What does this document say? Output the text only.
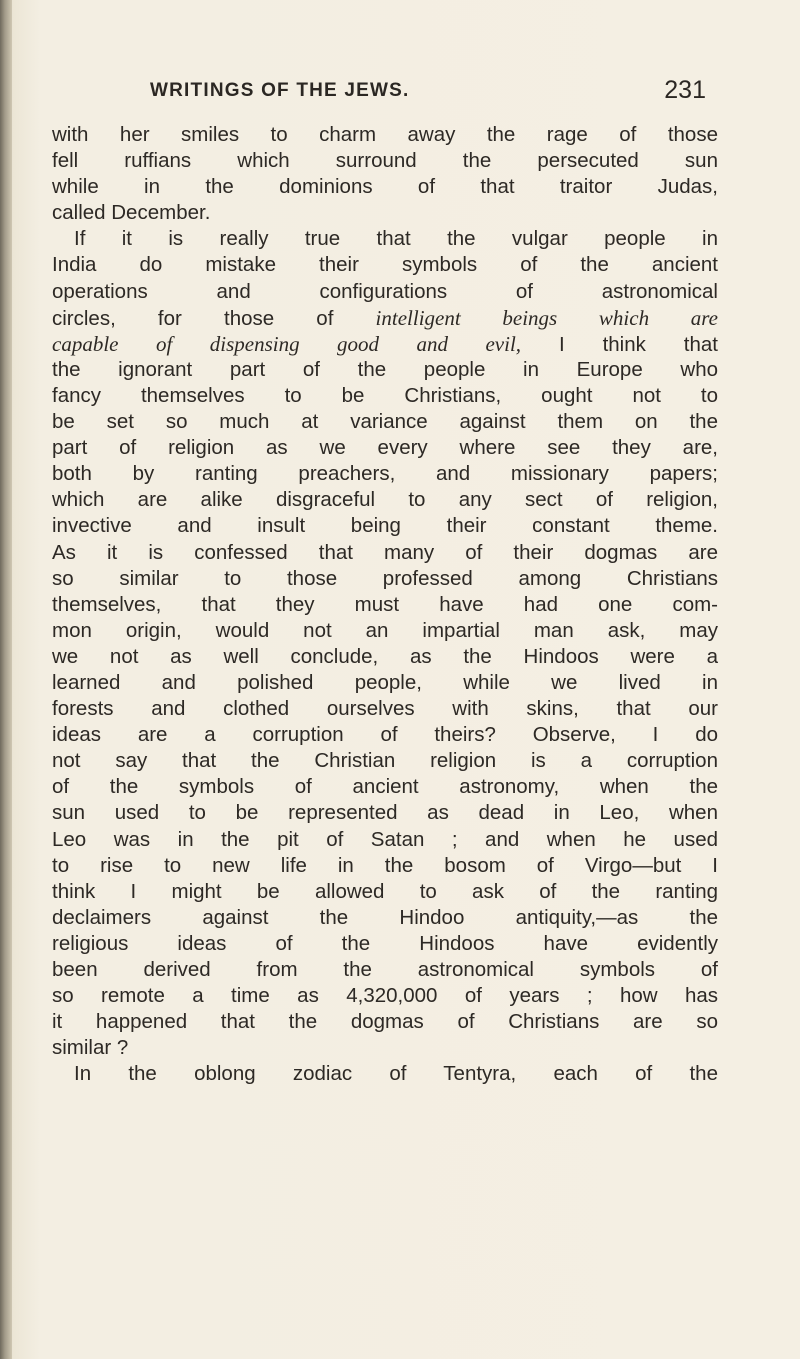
WRITINGS OF THE JEWS.	231
with her smiles to charm away the rage of those
fell ruffians which surround the persecuted sun
while in the dominions of that traitor Judas,
called December.
If it is really true that the vulgar people in
India do mistake their symbols of the ancient
operations and configurations of astronomical
circles, for those of intelligent beings which are
capable of dispensing good and evil, I think that
the ignorant part of the people in Europe who
fancy themselves to be Christians, ought not to
be set so much at variance against them on the
part of religion as we every where see they are,
both by ranting preachers, and missionary papers;
which are alike disgraceful to any sect of religion,
invective and insult being their constant theme.
As it is confessed that many of their dogmas are
so similar to those professed among Christians
themselves, that they must have had one com-
mon origin, would not an impartial man ask, may
we not as well conclude, as the Hindoos were a
learned and polished people, while we lived in
forests and clothed ourselves with skins, that our
ideas are a corruption of theirs? Observe, I do
not say that the Christian religion is a corruption
of the symbols of ancient astronomy, when the
sun used to be represented as dead in Leo, when
Leo was in the pit of Satan ; and when he used
to rise to new life in the bosom of Virgo—but I
think I might be allowed to ask of the ranting
declaimers against the Hindoo antiquity,—as the
religious ideas of the Hindoos have evidently
been derived from the astronomical symbols of
so remote a time as 4,320,000 of years ; how has
it happened that the dogmas of Christians are so
similar ?
In the oblong zodiac of Tentyra, each of the
